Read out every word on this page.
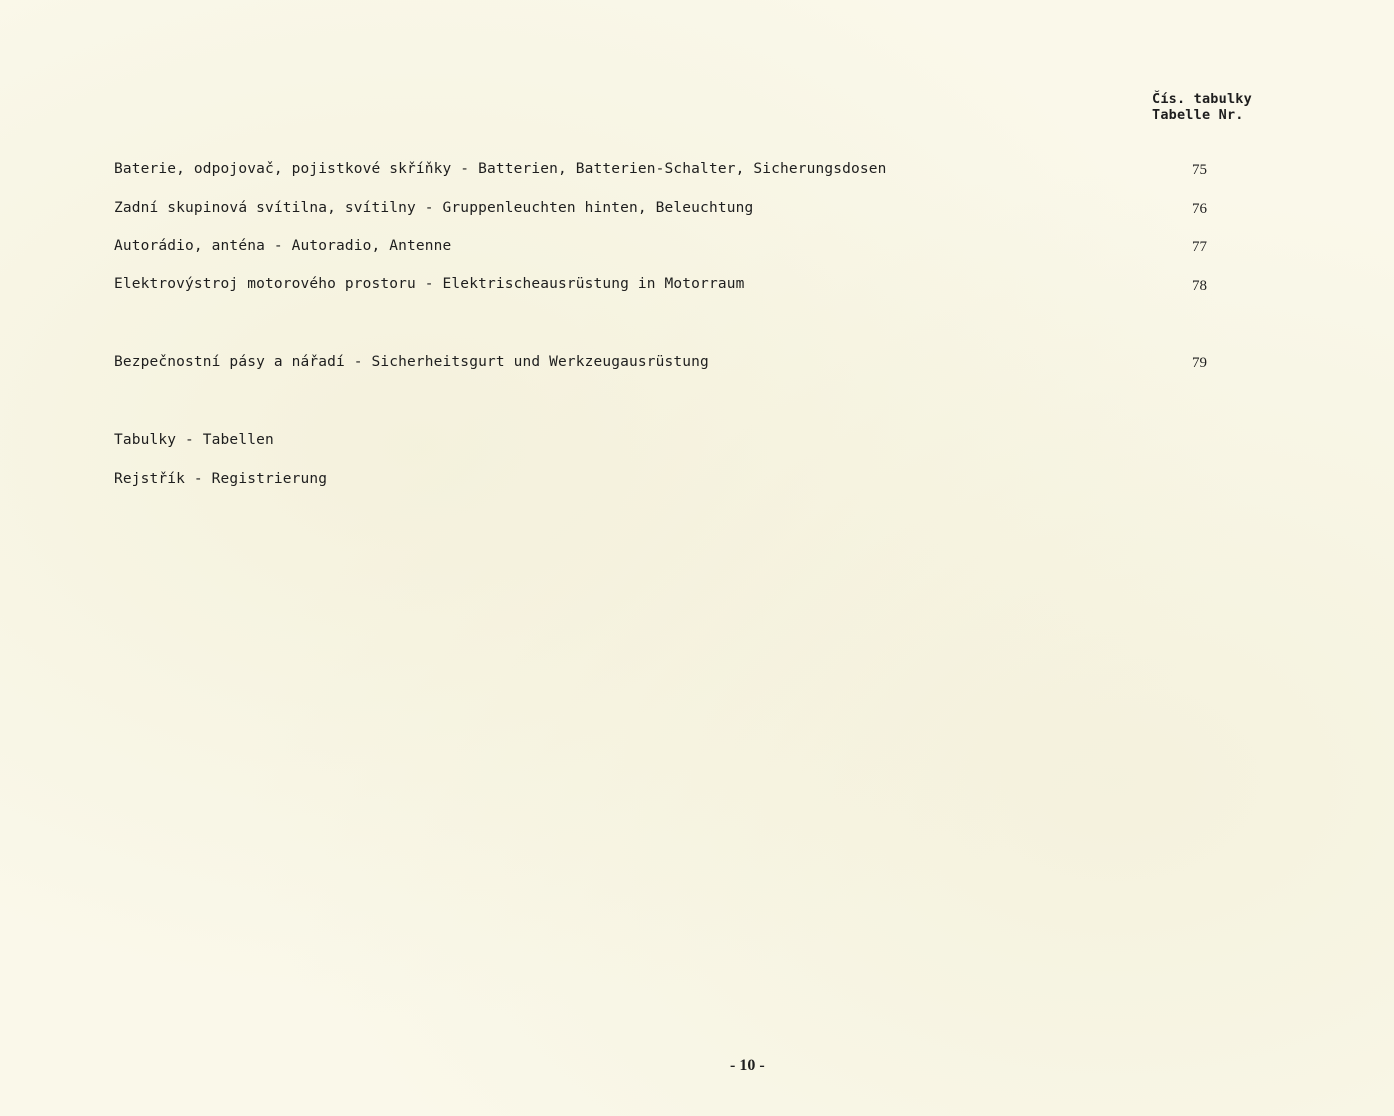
Čís. tabulky
Tabelle Nr.
Baterie, odpojovač, pojistkové skříňky - Batterien, Batterien-Schalter, Sicherungsdosen	75
Zadní skupinová svítilna, svítilny - Gruppenleuchten hinten, Beleuchtung	76
Autorádio, anténa - Autoradio, Antenne	77
Elektrovýstroj motorového prostoru - Elektrischeausrüstung in Motorraum	78
Bezpečnostní pásy a nářadí - Sicherheitsgurt und Werkzeugausrüstung	79
Tabulky - Tabellen
Rejstřík - Registrierung
- 10 -
